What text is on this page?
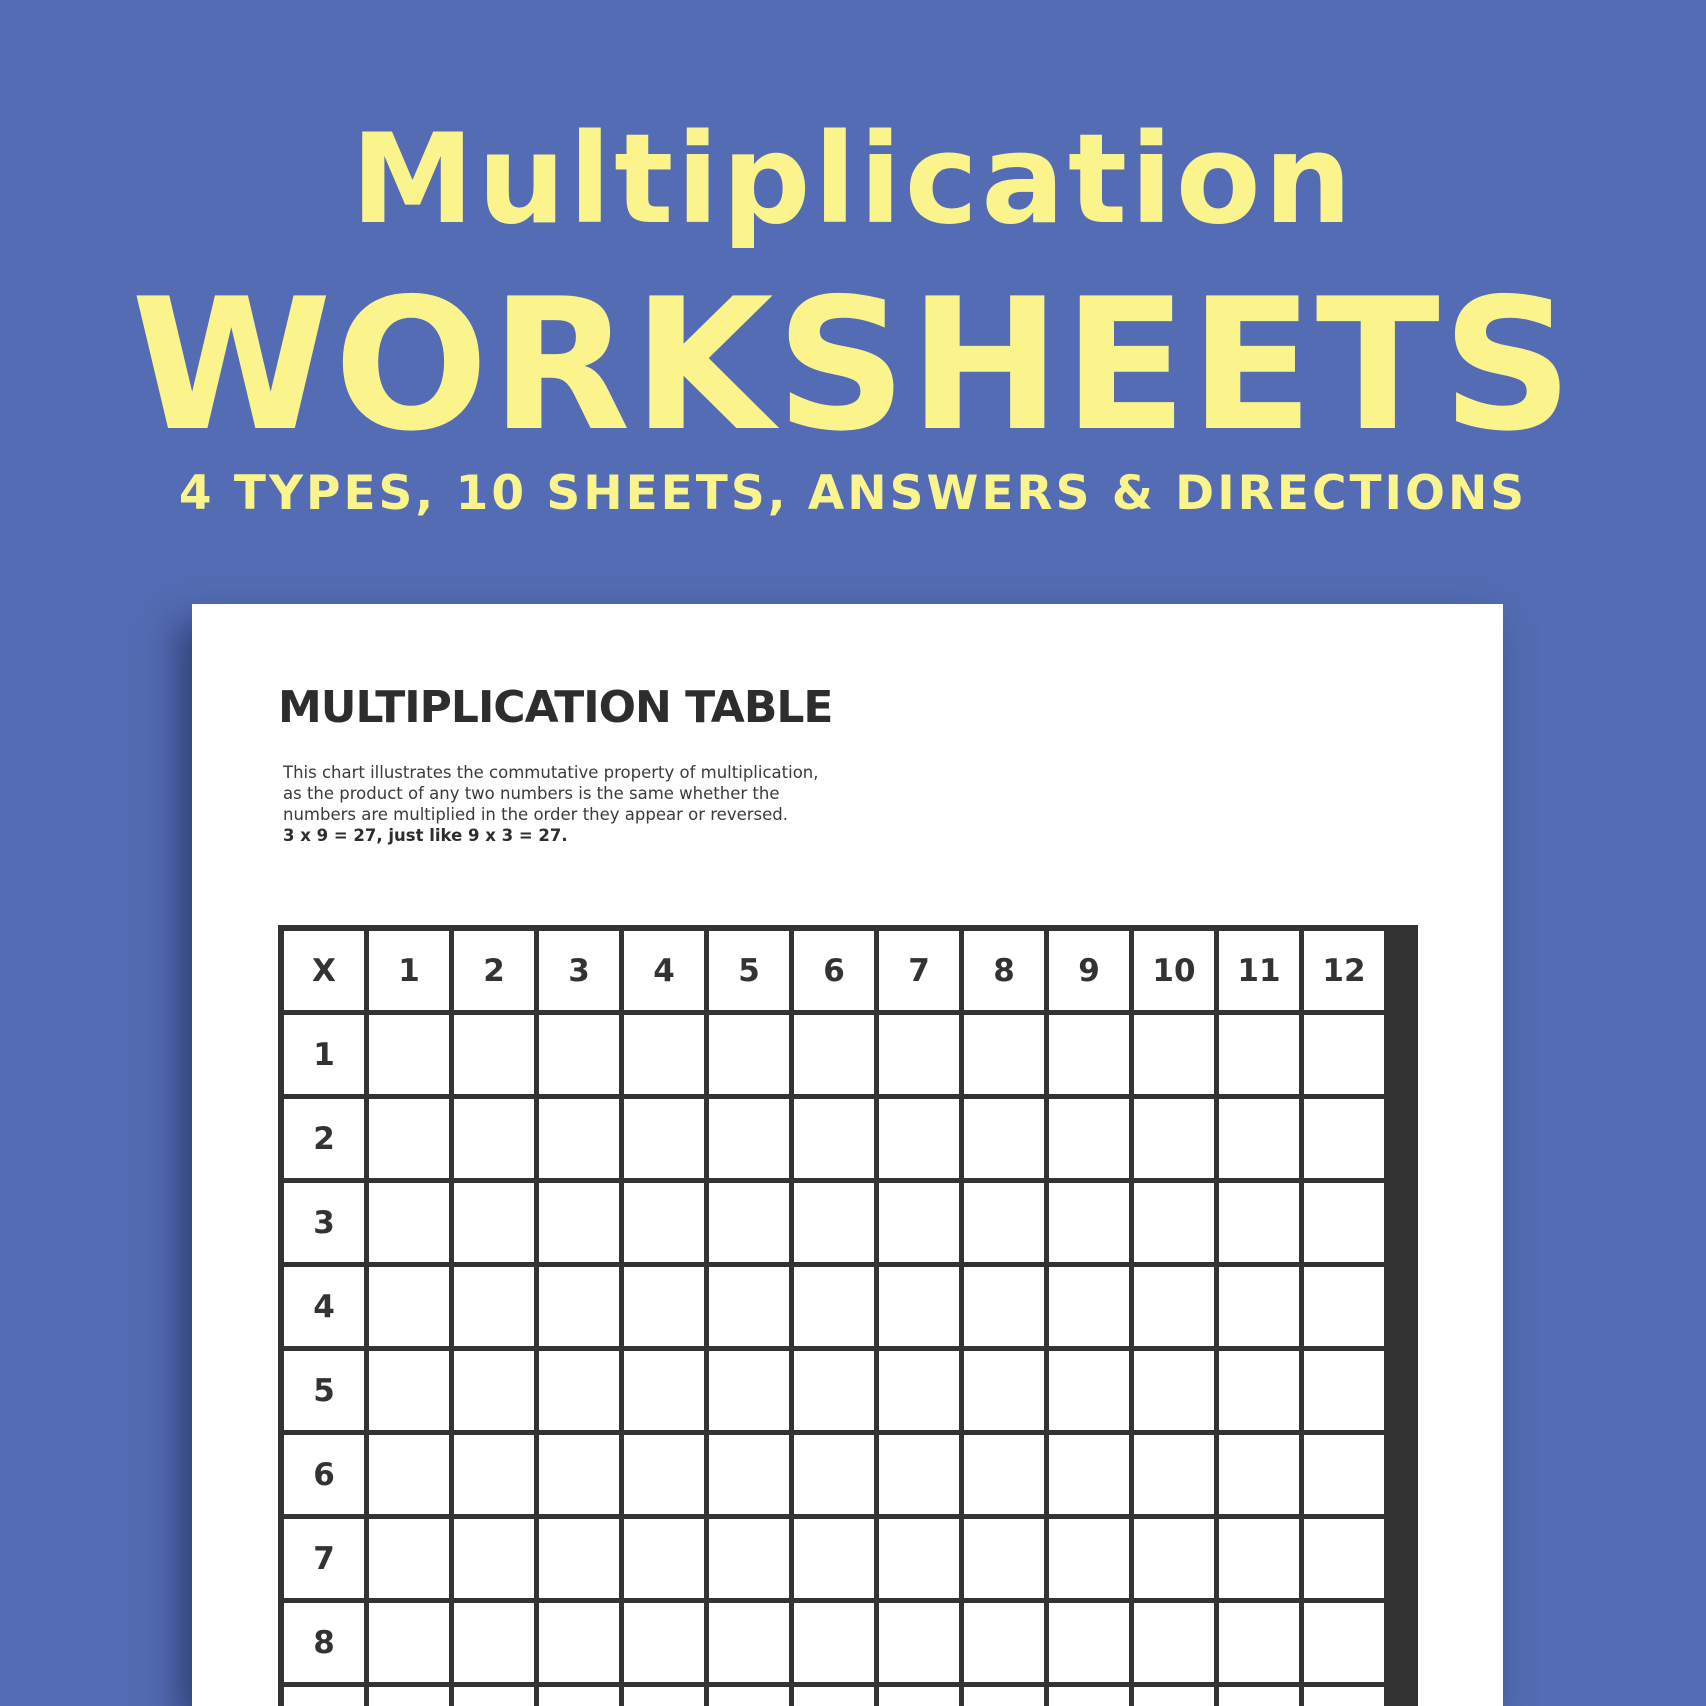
Multiplication
WORKSHEETS
4 TYPES, 10 SHEETS, ANSWERS & DIRECTIONS
MULTIPLICATION TABLE
This chart illustrates the commutative property of multiplication,
as the product of any two numbers is the same whether the
numbers are multiplied in the order they appear or reversed.
3 x 9 = 27, just like 9 x 3 = 27.
X	1	2	3	4	5	6	7	8	9	10	11	12
1
2
3
4
5
6
7
8
